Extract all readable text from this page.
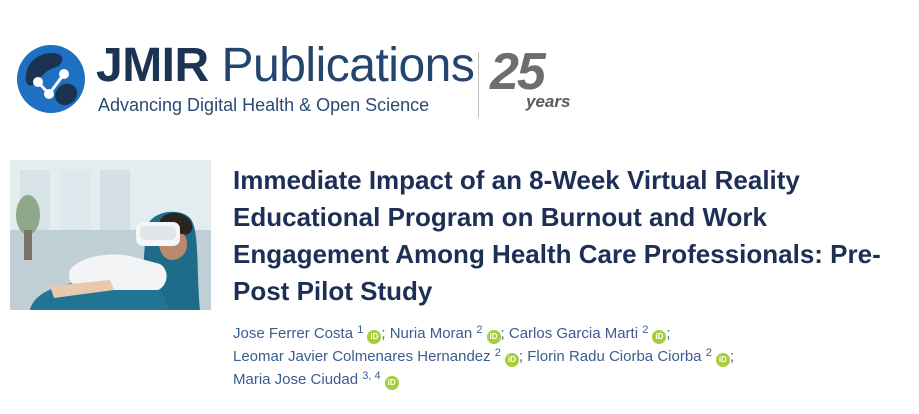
JMIR Publications
Advancing Digital Health & Open Science
25
years
Immediate Impact of an 8-Week Virtual Reality Educational Program on Burnout and Work Engagement Among Health Care Professionals: Pre-Post Pilot Study
Jose Ferrer Costa $^1$iD ; Nuria Moran $^2$iD ; Carlos Garcia Marti $^2$iD ;
Leomar Javier Colmenares Hernandez $^2$iD ; Florin Radu Ciorba Ciorba $^2$iD ;
Maria Jose Ciudad $^{3, 4}$iD
